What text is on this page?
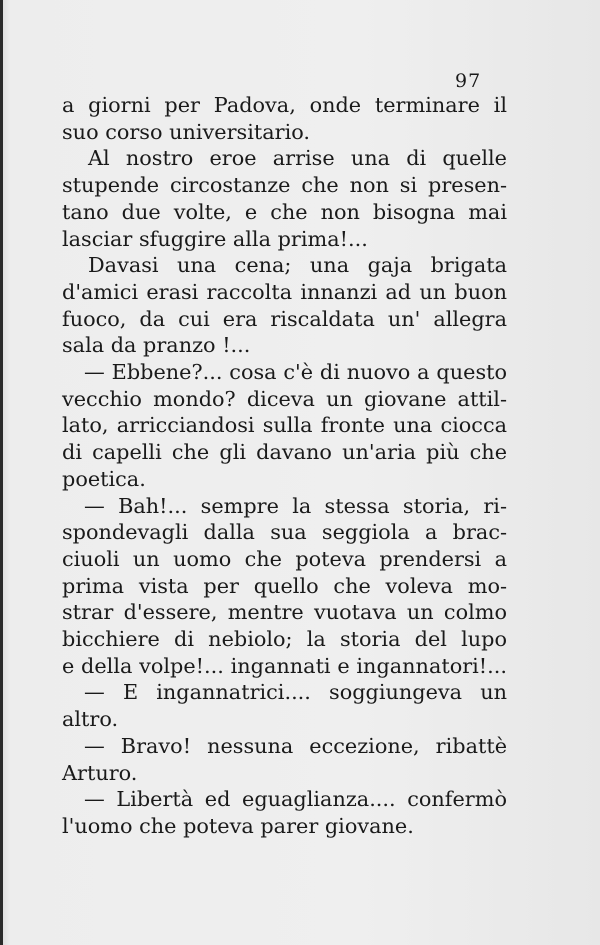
97
a giorni per Padova, onde terminare il
suo corso universitario.
Al nostro eroe arrise una di quelle
stupende circostanze che non si presen-
tano due volte, e che non bisogna mai
lasciar sfuggire alla prima!...
Davasi una cena; una gaja brigata
d'amici erasi raccolta innanzi ad un buon
fuoco, da cui era riscaldata un' allegra
sala da pranzo !...
— Ebbene?... cosa c'è di nuovo a questo
vecchio mondo? diceva un giovane attil-
lato, arricciandosi sulla fronte una ciocca
di capelli che gli davano un'aria più che
poetica.
— Bah!... sempre la stessa storia, ri-
spondevagli dalla sua seggiola a brac-
ciuoli un uomo che poteva prendersi a
prima vista per quello che voleva mo-
strar d'essere, mentre vuotava un colmo
bicchiere di nebiolo; la storia del lupo
e della volpe!... ingannati e ingannatori!...
— E ingannatrici.... soggiungeva un
altro.
— Bravo! nessuna eccezione, ribattè
Arturo.
— Libertà ed eguaglianza.... confermò
l'uomo che poteva parer giovane.
